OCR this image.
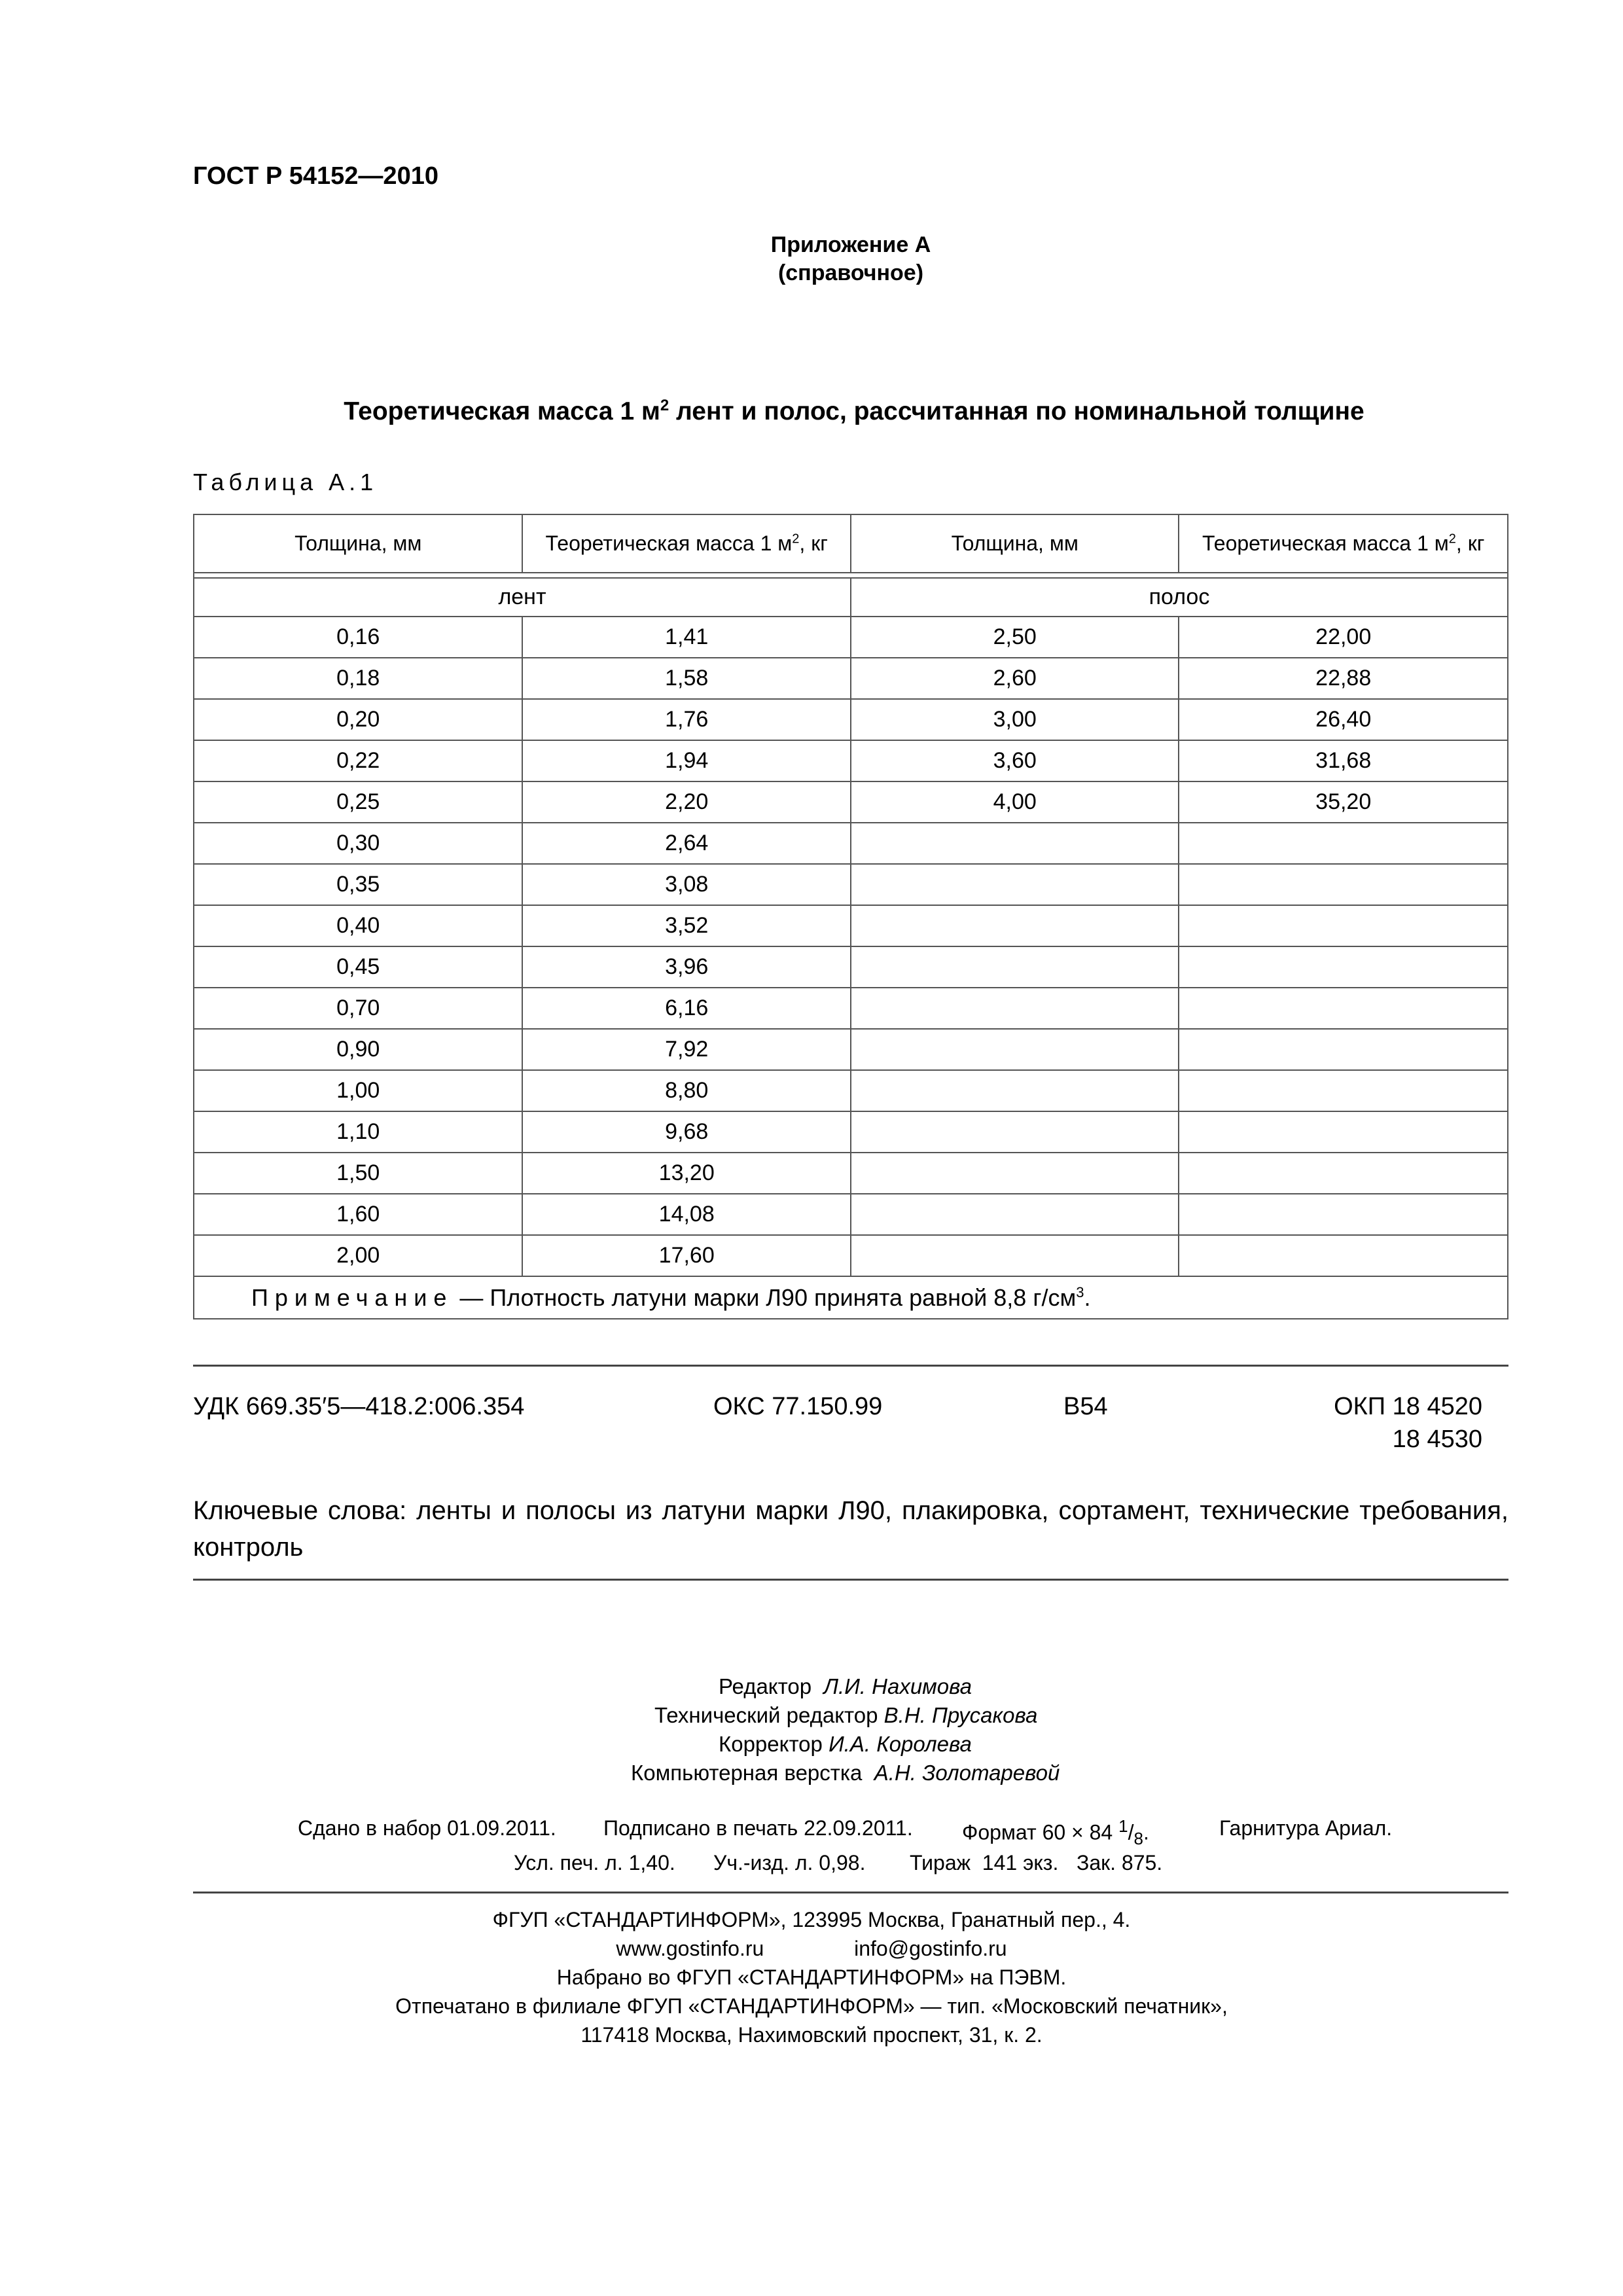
ГОСТ Р 54152—2010
Приложение А
(справочное)
Теоретическая масса 1 $м^2$ лент и полос, рассчитанная по номинальной толщине
Таблица А.1
Толщина, мм	Теоретическая масса 1 $м^2$, кг	Толщина, мм	Теоретическая масса 1 $м^2$, кг

лент		полос	
0,16	1,41	2,50	22,00
0,18	1,58	2,60	22,88
0,20	1,76	3,00	26,40
0,22	1,94	3,60	31,68
0,25	2,20	4,00	35,20
0,30	2,64		
0,35	3,08		
0,40	3,52		
0,45	3,96		
0,70	6,16		
0,90	7,92		
1,00	8,80		
1,10	9,68		
1,50	13,20		
1,60	14,08		
2,00	17,60		
Примечание — Плотность латуни марки Л90 принята равной 8,8 $г/см^3$.			
УДК 669.35′5—418.2:006.354	ОКС 77.150.99	В54	ОКП 18 4520
18 4530
Ключевые слова: ленты и полосы из латуни марки Л90, плакировка, сортамент, технические требования, контроль
Редактор Л.И. Нахимова
Технический редактор В.Н. Прусакова
Корректор И.А. Королева
Компьютерная верстка А.Н. Золотаревой
Сдано в набор 01.09.2011. Подписано в печать 22.09.2011. Формат 60 × 84 $^1/_8$.	Гарнитура Ариал.
Усл. печ. л. 1,40. Уч.-изд. л. 0,98. Тираж  141 экз. Зак. 875.
ФГУП «СТАНДАРТИНФОРМ», 123995 Москва, Гранатный пер., 4.
www.gostinfo.ru	info@gostinfo.ru
Набрано во ФГУП «СТАНДАРТИНФОРМ» на ПЭВМ.
Отпечатано в филиале ФГУП «СТАНДАРТИНФОРМ» — тип. «Московский печатник»,
117418 Москва, Нахимовский проспект, 31, к. 2.
